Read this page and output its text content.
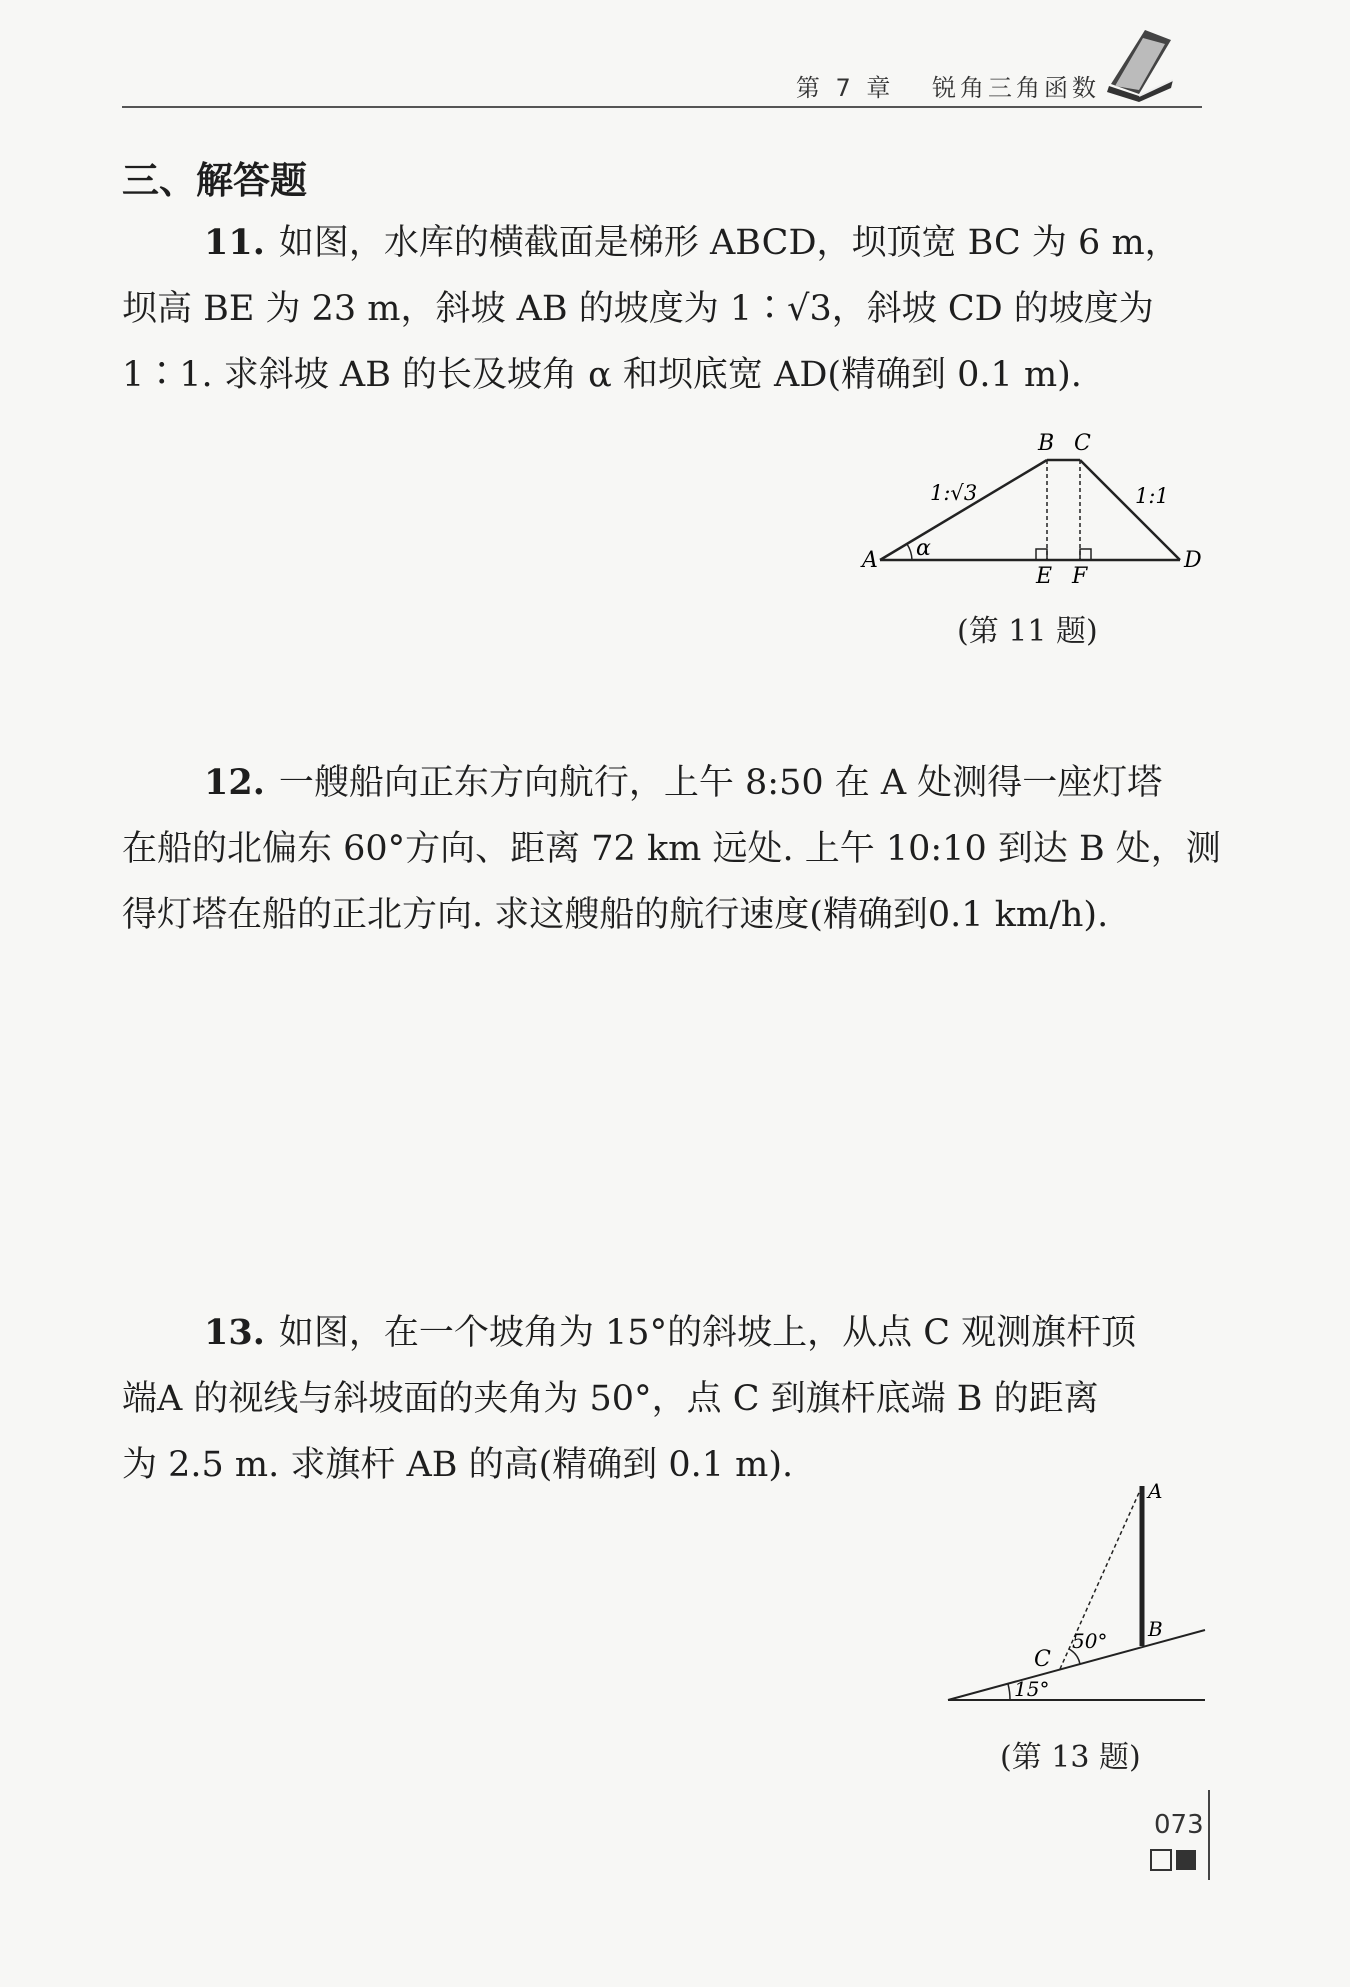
第 7 章 锐角三角函数
三、解答题
11. 如图，水库的横截面是梯形 ABCD，坝顶宽 BC 为 6 m，
坝高 BE 为 23 m，斜坡 AB 的坡度为 1∶√3，斜坡 CD 的坡度为
1∶1. 求斜坡 AB 的长及坡角 α 和坝底宽 AD(精确到 0.1 m).
A
B C
D
E F
α
1:√3	1:1
(第 11 题)
12. 一艘船向正东方向航行，上午 8:50 在 A 处测得一座灯塔
在船的北偏东 60°方向、距离 72 km 远处. 上午 10:10 到达 B 处，测
得灯塔在船的正北方向. 求这艘船的航行速度(精确到0.1 km/h).
13. 如图，在一个坡角为 15°的斜坡上，从点 C 观测旗杆顶
端A 的视线与斜坡面的夹角为 50°，点 C 到旗杆底端 B 的距离
为 2.5 m. 求旗杆 AB 的高(精确到 0.1 m).
A
B
C
50°
15°
(第 13 题)
073
